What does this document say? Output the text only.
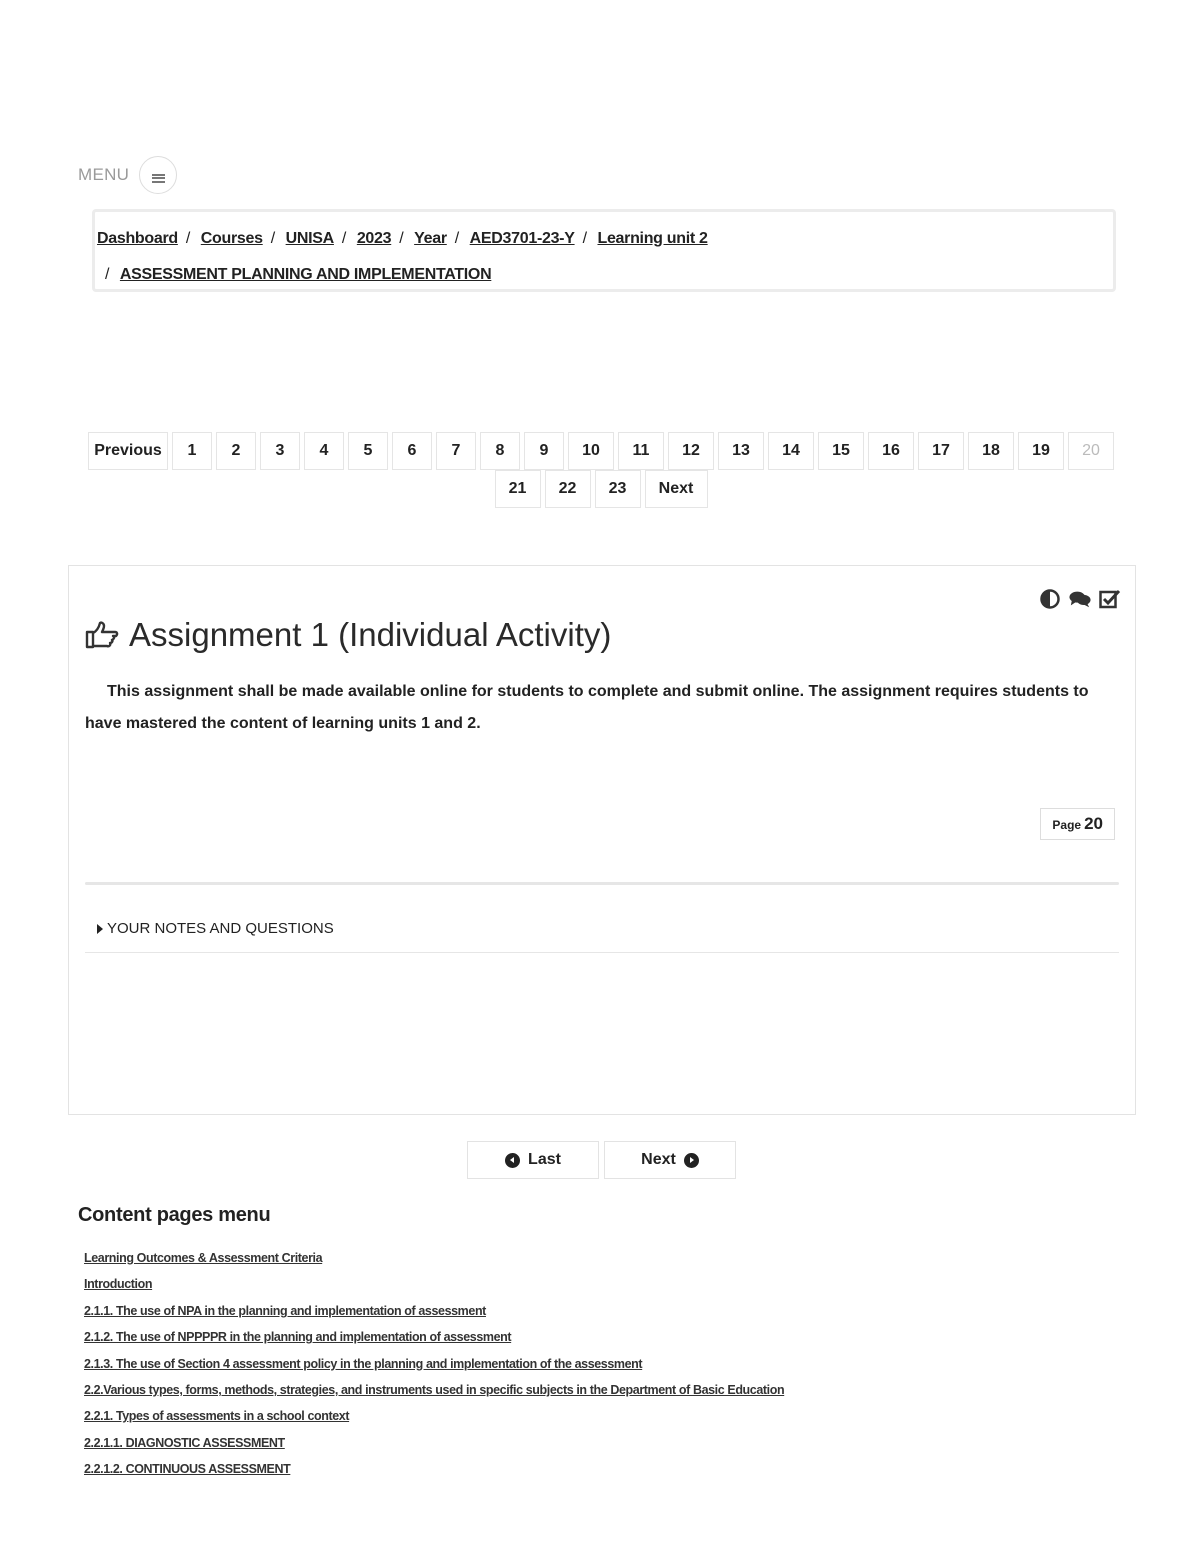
MENU
Dashboard / Courses / UNISA / 2023 / Year / AED3701-23-Y / Learning unit 2
/ ASSESSMENT PLANNING AND IMPLEMENTATION
Previous	1	2	3	4	5	6	7	8	9	10	11	12	13	14	15	16	17	18	19	20
21	22	23	Next
Assignment 1 (Individual Activity)

This assignment shall be made available online for students to complete and submit online. The assignment requires students to have mastered the content of learning units 1 and 2.

Page 20
YOUR NOTES AND QUESTIONS
Last	Next
Content pages menu
Learning Outcomes & Assessment Criteria
Introduction
2.1.1. The use of NPA in the planning and implementation of assessment
2.1.2. The use of NPPPPR in the planning and implementation of assessment
2.1.3. The use of Section 4 assessment policy in the planning and implementation of the assessment
2.2.Various types, forms, methods, strategies, and instruments used in specific subjects in the Department of Basic Education
2.2.1. Types of assessments in a school context
2.2.1.1. DIAGNOSTIC ASSESSMENT
2.2.1.2. CONTINUOUS ASSESSMENT
